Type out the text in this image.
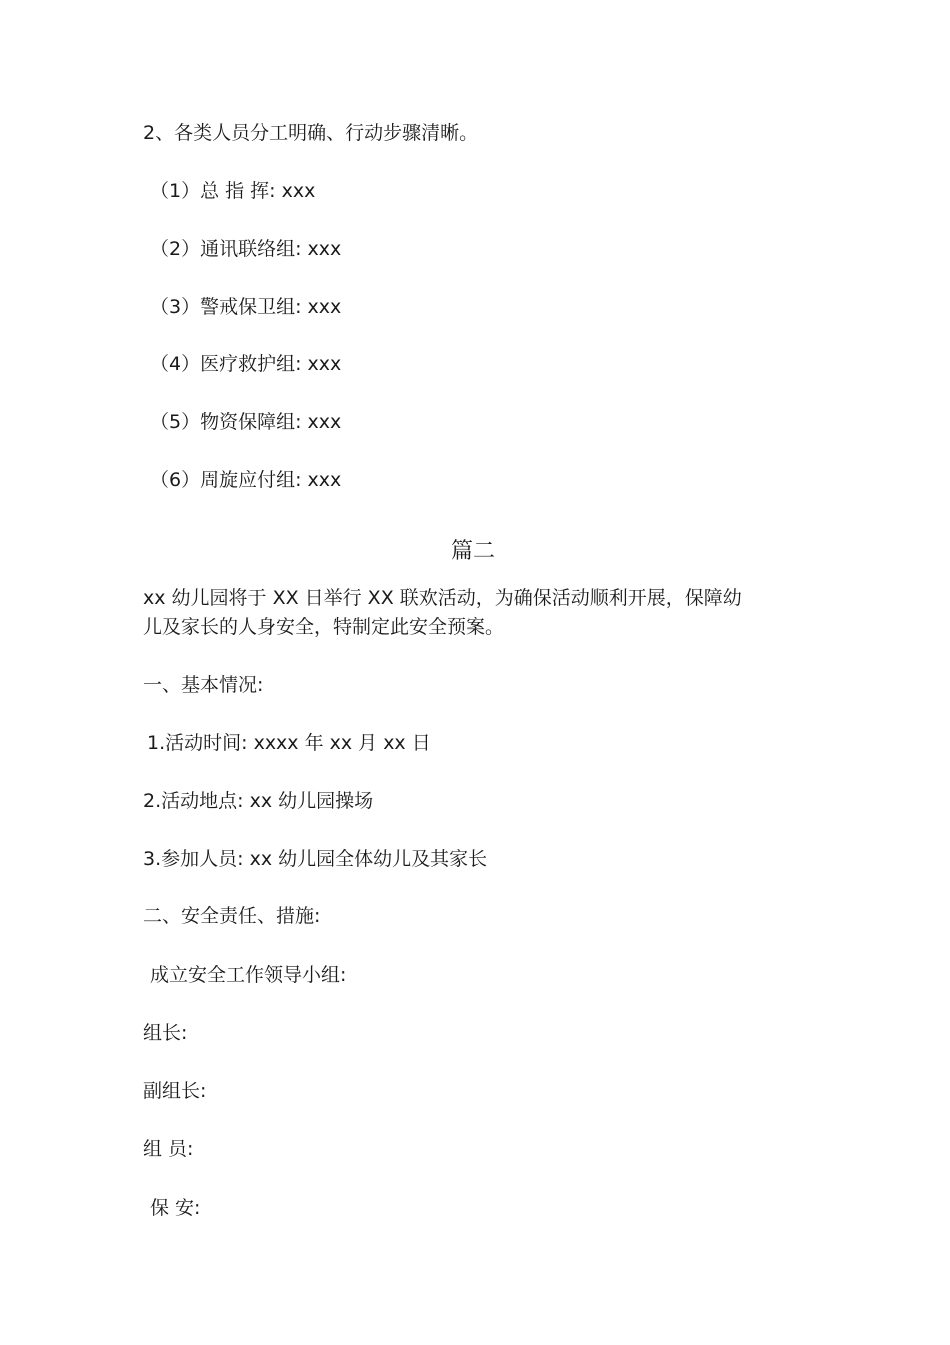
2、各类人员分工明确、行动步骤清晰。
（1）总 指 挥: xxx
（2）通讯联络组: xxx
（3）警戒保卫组: xxx
（4）医疗救护组: xxx
（5）物资保障组: xxx
（6）周旋应付组: xxx
篇二
xx 幼儿园将于 XX 日举行 XX 联欢活动，为确保活动顺利开展，保障幼
儿及家长的人身安全，特制定此安全预案。
一、基本情况:
1.活动时间: xxxx 年 xx 月 xx 日
2.活动地点: xx 幼儿园操场
3.参加人员: xx 幼儿园全体幼儿及其家长
二、安全责任、措施:
成立安全工作领导小组:
组长:
副组长:
组 员:
保 安:
